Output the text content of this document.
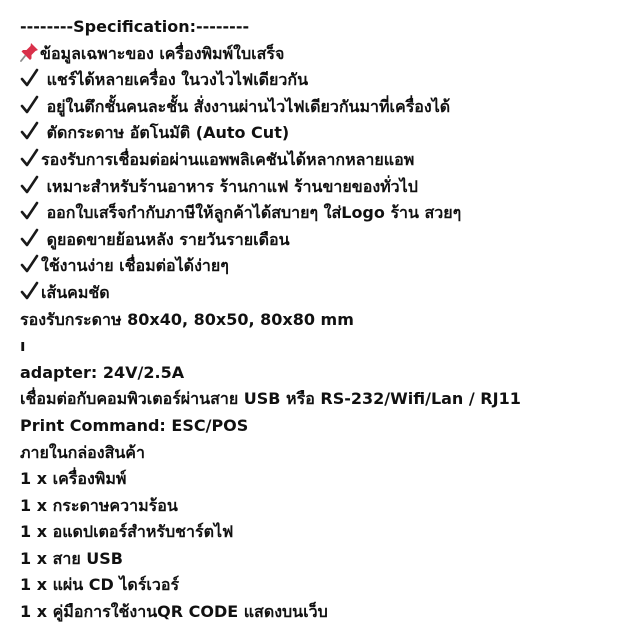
--------Specification:--------
ข้อมูลเฉพาะของ เครื่องพิมพ์ใบเสร็จ
แชร์ได้หลายเครื่อง ในวงไวไฟเดียวกัน
อยู่ในตึกชั้นคนละชั้น สั่งงานผ่านไวไฟเดียวกันมาที่เครื่องได้
ตัดกระดาษ อัตโนมัติ (Auto Cut)
รองรับการเชื่อมต่อผ่านแอพพลิเคชันได้หลากหลายแอพ
เหมาะสำหรับร้านอาหาร ร้านกาแฟ ร้านขายของทั่วไป
ออกใบเสร็จกำกับภาษีให้ลูกค้าได้สบายๆ ใส่Logo ร้าน สวยๆ
ดูยอดขายย้อนหลัง รายวันรายเดือน
ใช้งานง่าย เชื่อมต่อได้ง่ายๆ
เส้นคมชัด
รองรับกระดาษ 80x40, 80x50, 80x80 mm
ı
adapter: 24V/2.5A
เชื่อมต่อกับคอมพิวเตอร์ผ่านสาย USB หรือ RS-232/Wifi/Lan / RJ11
Print Command: ESC/POS
ภายในกล่องสินค้า
1 x เครื่องพิมพ์
1 x กระดาษความร้อน
1 x อแดปเตอร์สำหรับชาร์ตไฟ
1 x สาย USB
1 x แผ่น CD ไดร์เวอร์
1 x คู่มือการใช้งานQR CODE แสดงบนเว็บ
